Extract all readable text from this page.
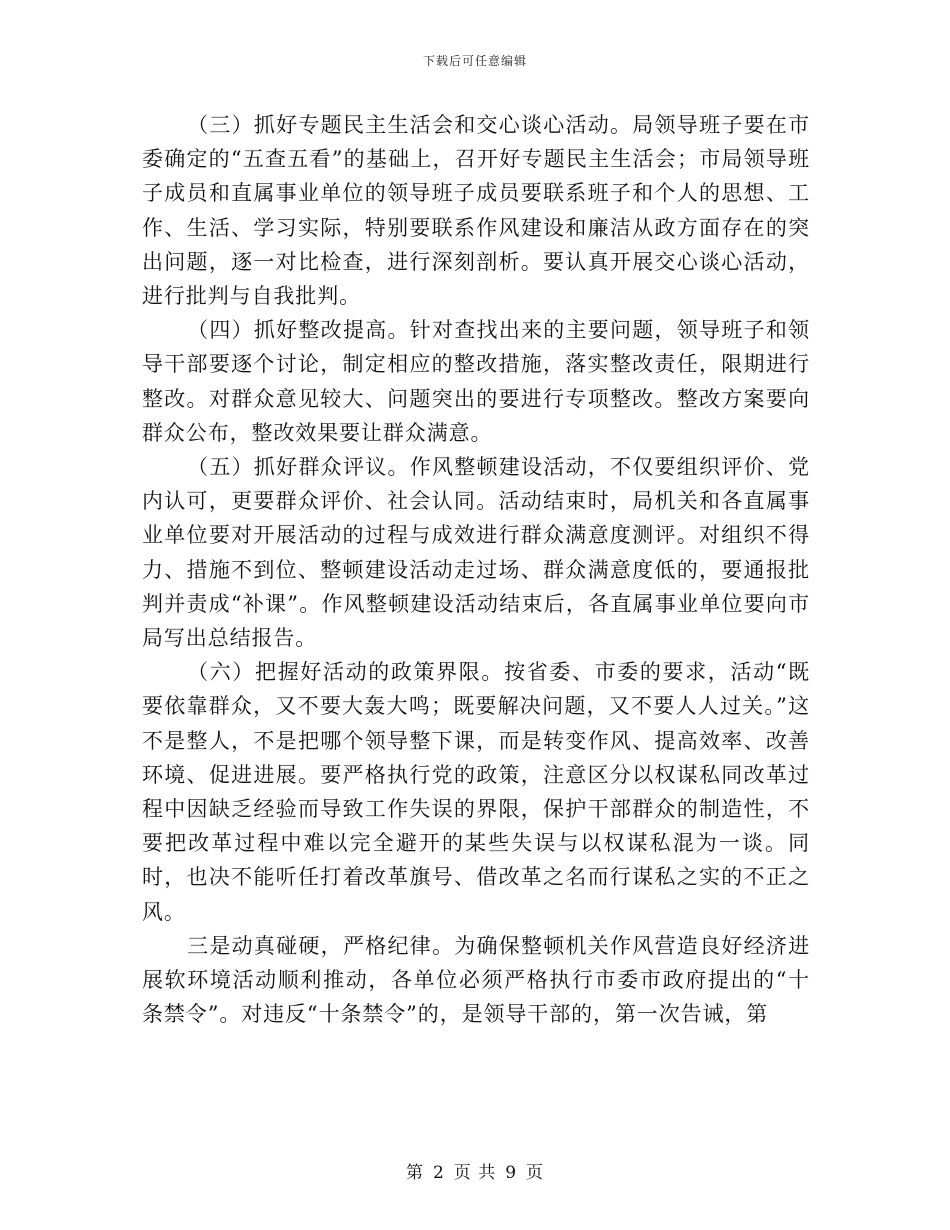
下载后可任意编辑

（三）抓好专题民主生活会和交心谈心活动。局领导班子要在市委确定的“五查五看”的基础上，召开好专题民主生活会；市局领导班子成员和直属事业单位的领导班子成员要联系班子和个人的思想、工作、生活、学习实际，特别要联系作风建设和廉洁从政方面存在的突出问题，逐一对比检查，进行深刻剖析。要认真开展交心谈心活动，进行批判与自我批判。

（四）抓好整改提高。针对查找出来的主要问题，领导班子和领导干部要逐个讨论，制定相应的整改措施，落实整改责任，限期进行整改。对群众意见较大、问题突出的要进行专项整改。整改方案要向群众公布，整改效果要让群众满意。

（五）抓好群众评议。作风整顿建设活动，不仅要组织评价、党内认可，更要群众评价、社会认同。活动结束时，局机关和各直属事业单位要对开展活动的过程与成效进行群众满意度测评。对组织不得力、措施不到位、整顿建设活动走过场、群众满意度低的，要通报批判并责成“补课”。作风整顿建设活动结束后，各直属事业单位要向市局写出总结报告。

（六）把握好活动的政策界限。按省委、市委的要求，活动“既要依靠群众，又不要大轰大鸣；既要解决问题，又不要人人过关。”这不是整人，不是把哪个领导整下课，而是转变作风、提高效率、改善环境、促进进展。要严格执行党的政策，注意区分以权谋私同改革过程中因缺乏经验而导致工作失误的界限，保护干部群众的制造性，不要把改革过程中难以完全避开的某些失误与以权谋私混为一谈。同时，也决不能听任打着改革旗号、借改革之名而行谋私之实的不正之风。

三是动真碰硬，严格纪律。为确保整顿机关作风营造良好经济进展软环境活动顺利推动，各单位必须严格执行市委市政府提出的“十条禁令”。对违反“十条禁令”的，是领导干部的，第一次告诫，第

第 2 页 共 9 页
